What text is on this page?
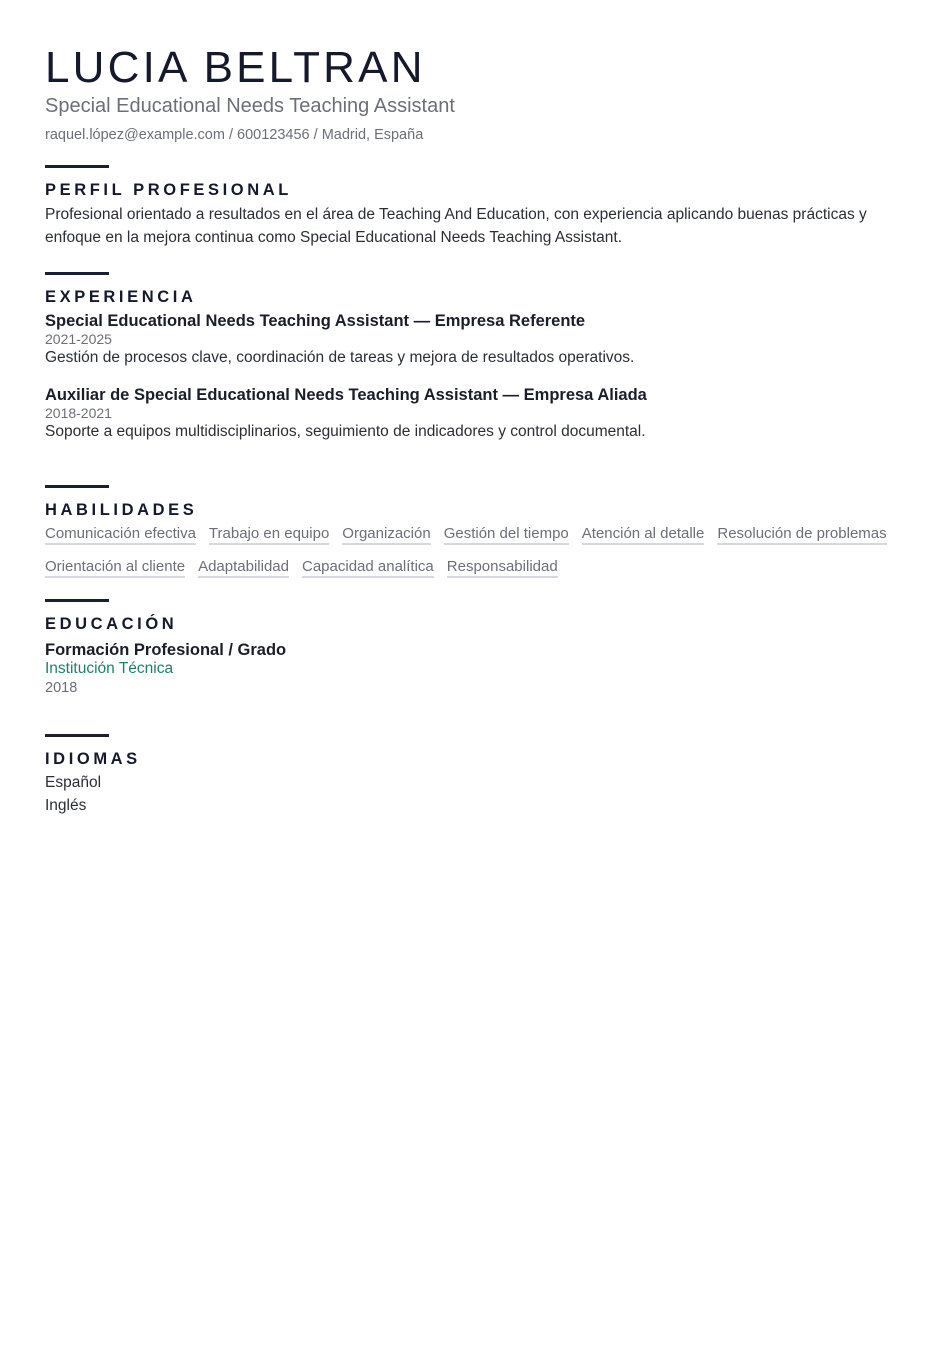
LUCIA BELTRAN
Special Educational Needs Teaching Assistant
raquel.lópez@example.com / 600123456 / Madrid, España
PERFIL PROFESIONAL
Profesional orientado a resultados en el área de Teaching And Education, con experiencia aplicando buenas prácticas y enfoque en la mejora continua como Special Educational Needs Teaching Assistant.
EXPERIENCIA
Special Educational Needs Teaching Assistant — Empresa Referente
2021-2025
Gestión de procesos clave, coordinación de tareas y mejora de resultados operativos.
Auxiliar de Special Educational Needs Teaching Assistant — Empresa Aliada
2018-2021
Soporte a equipos multidisciplinarios, seguimiento de indicadores y control documental.
HABILIDADES
Comunicación efectiva Trabajo en equipo Organización Gestión del tiempo Atención al detalle Resolución de problemas
Orientación al cliente Adaptabilidad Capacidad analítica Responsabilidad
EDUCACIÓN
Formación Profesional / Grado
Institución Técnica
2018
IDIOMAS
Español
Inglés
